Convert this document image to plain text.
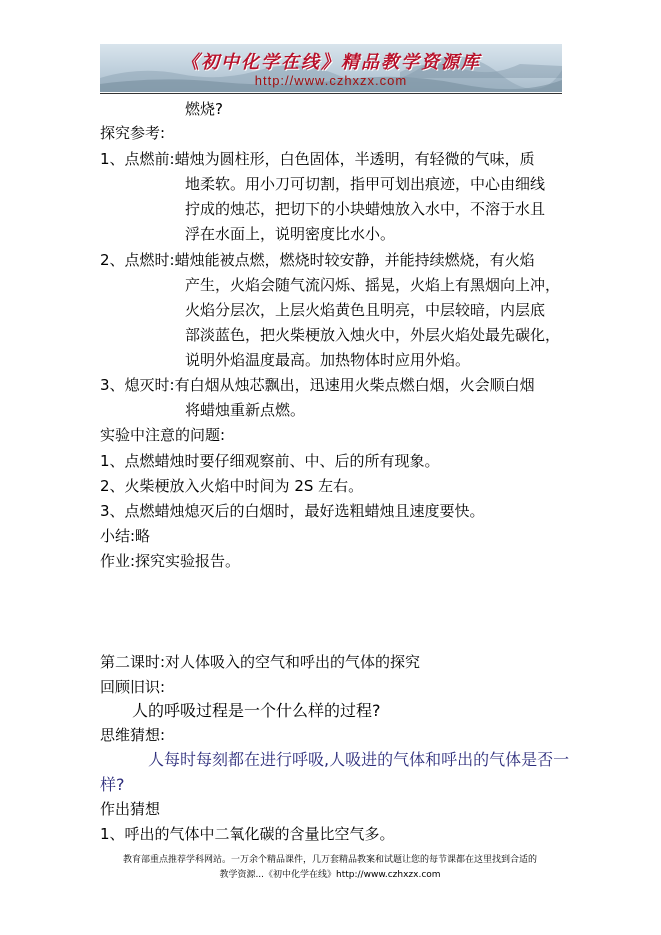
《初中化学在线》精品教学资源库
http://www.czhxzx.com
燃烧?
探究参考:
1、点燃前:蜡烛为圆柱形，白色固体，半透明，有轻微的气味，质
地柔软。用小刀可切割，指甲可划出痕迹，中心由细线
拧成的烛芯，把切下的小块蜡烛放入水中，不溶于水且
浮在水面上，说明密度比水小。
2、点燃时:蜡烛能被点燃，燃烧时较安静，并能持续燃烧，有火焰
产生，火焰会随气流闪烁、摇晃，火焰上有黑烟向上冲，
火焰分层次，上层火焰黄色且明亮，中层较暗，内层底
部淡蓝色，把火柴梗放入烛火中，外层火焰处最先碳化，
说明外焰温度最高。加热物体时应用外焰。
3、熄灭时:有白烟从烛芯飘出，迅速用火柴点燃白烟，火会顺白烟
将蜡烛重新点燃。
实验中注意的问题:
1、点燃蜡烛时要仔细观察前、中、后的所有现象。
2、火柴梗放入火焰中时间为 2S 左右。
3、点燃蜡烛熄灭后的白烟时，最好选粗蜡烛且速度要快。
小结:略
作业:探究实验报告。
第二课时:对人体吸入的空气和呼出的气体的探究
回顾旧识:
人的呼吸过程是一个什么样的过程?
思维猜想:
人每时每刻都在进行呼吸,人吸进的气体和呼出的气体是否一
样?
作出猜想
1、呼出的气体中二氧化碳的含量比空气多。
教育部重点推荐学科网站。一万余个精品课件，几万套精品教案和试题让您的每节课都在这里找到合适的
教学资源...《初中化学在线》http://www.czhxzx.com
